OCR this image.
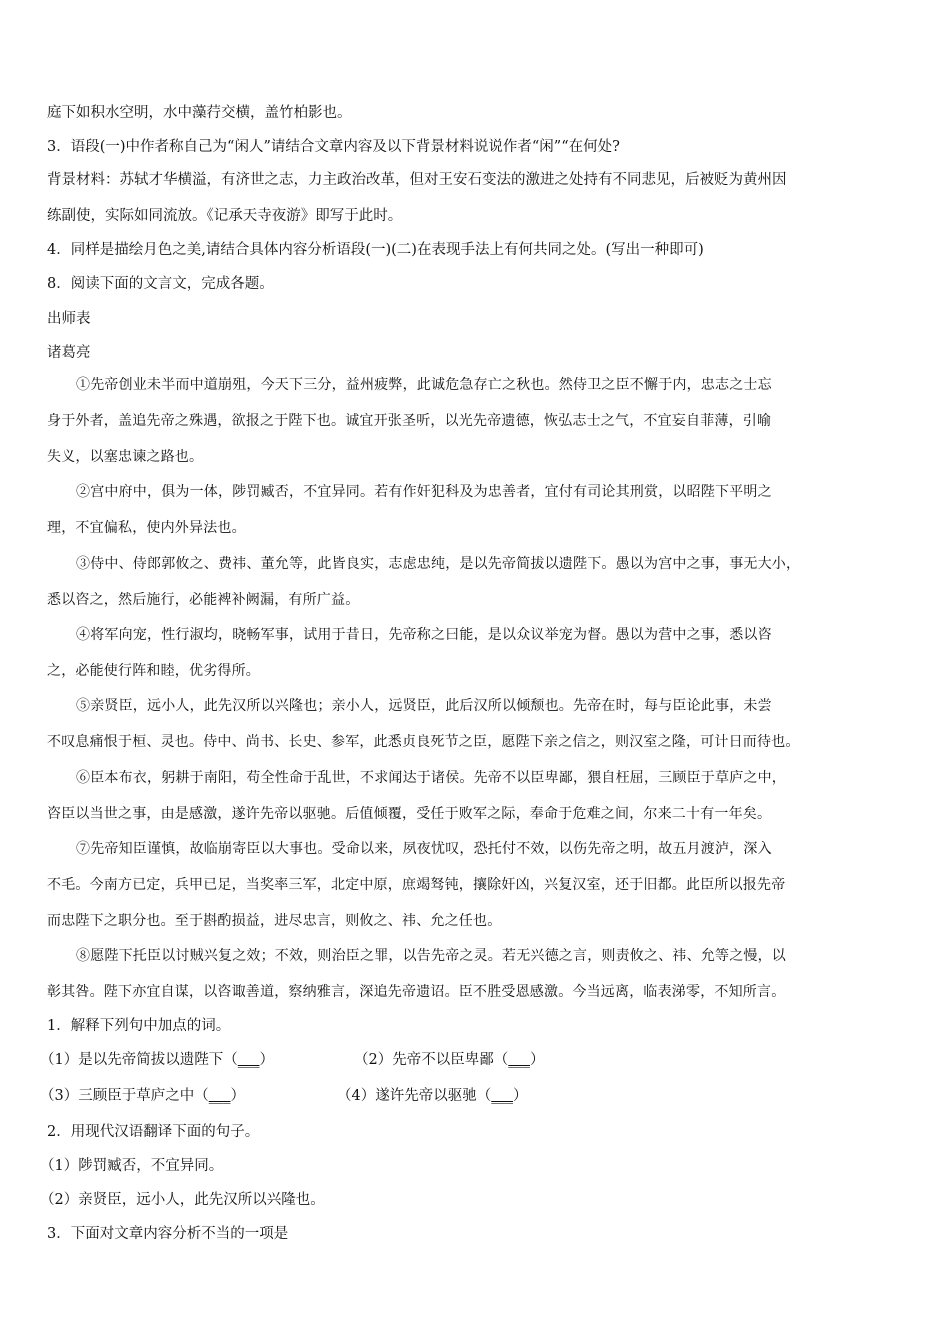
庭下如积水空明，水中藻荇交横，盖竹柏影也。
3．语段(一)中作者称自己为“闲人”请结合文章内容及以下背景材料说说作者“闲”“在何处?
背景材料：苏轼才华横溢，有济世之志，力主政治改革，但对王安石变法的激进之处持有不同悲见，后被贬为黄州因
练副使，实际如同流放。《记承天寺夜游》即写于此时。
4．同样是描绘月色之美,请结合具体内容分析语段(一)(二)在表现手法上有何共同之处。(写出一种即可)
8．阅读下面的文言文，完成各题。
出师表
诸葛亮
①先帝创业未半而中道崩殂，今天下三分，益州疲弊，此诚危急存亡之秋也。然侍卫之臣不懈于内，忠志之士忘
身于外者，盖追先帝之殊遇，欲报之于陛下也。诚宜开张圣听，以光先帝遗德，恢弘志士之气，不宜妄自菲薄，引喻
失义，以塞忠谏之路也。
②宫中府中，俱为一体，陟罚臧否，不宜异同。若有作奸犯科及为忠善者，宜付有司论其刑赏，以昭陛下平明之
理，不宜偏私，使内外异法也。
③侍中、侍郎郭攸之、费祎、董允等，此皆良实，志虑忠纯，是以先帝简拔以遗陛下。愚以为宫中之事，事无大小，
悉以咨之，然后施行，必能裨补阙漏，有所广益。
④将军向宠，性行淑均，晓畅军事，试用于昔日，先帝称之曰能，是以众议举宠为督。愚以为营中之事，悉以咨
之，必能使行阵和睦，优劣得所。
⑤亲贤臣，远小人，此先汉所以兴隆也；亲小人，远贤臣，此后汉所以倾颓也。先帝在时，每与臣论此事，未尝
不叹息痛恨于桓、灵也。侍中、尚书、长史、参军，此悉贞良死节之臣，愿陛下亲之信之，则汉室之隆，可计日而待也。
⑥臣本布衣，躬耕于南阳，苟全性命于乱世，不求闻达于诸侯。先帝不以臣卑鄙，猥自枉屈，三顾臣于草庐之中，
咨臣以当世之事，由是感激，遂许先帝以驱驰。后值倾覆，受任于败军之际，奉命于危难之间，尔来二十有一年矣。
⑦先帝知臣谨慎，故临崩寄臣以大事也。受命以来，夙夜忧叹，恐托付不效，以伤先帝之明，故五月渡泸，深入
不毛。今南方已定，兵甲已足，当奖率三军，北定中原，庶竭驽钝，攘除奸凶，兴复汉室，还于旧都。此臣所以报先帝
而忠陛下之职分也。至于斟酌损益，进尽忠言，则攸之、祎、允之任也。
⑧愿陛下托臣以讨贼兴复之效；不效，则治臣之罪，以告先帝之灵。若无兴德之言，则责攸之、祎、允等之慢，以
彰其咎。陛下亦宜自谋，以咨诹善道，察纳雅言，深追先帝遗诏。臣不胜受恩感激。今当远离，临表涕零，不知所言。
1．解释下列句中加点的词。
（1）是以先帝简拔以遗陛下（___）	（2）先帝不以臣卑鄙（___）
（3）三顾臣于草庐之中（___）	（4）遂许先帝以驱驰（___）
2．用现代汉语翻译下面的句子。
（1）陟罚臧否，不宜异同。
（2）亲贤臣，远小人，此先汉所以兴隆也。
3．下面对文章内容分析不当的一项是
